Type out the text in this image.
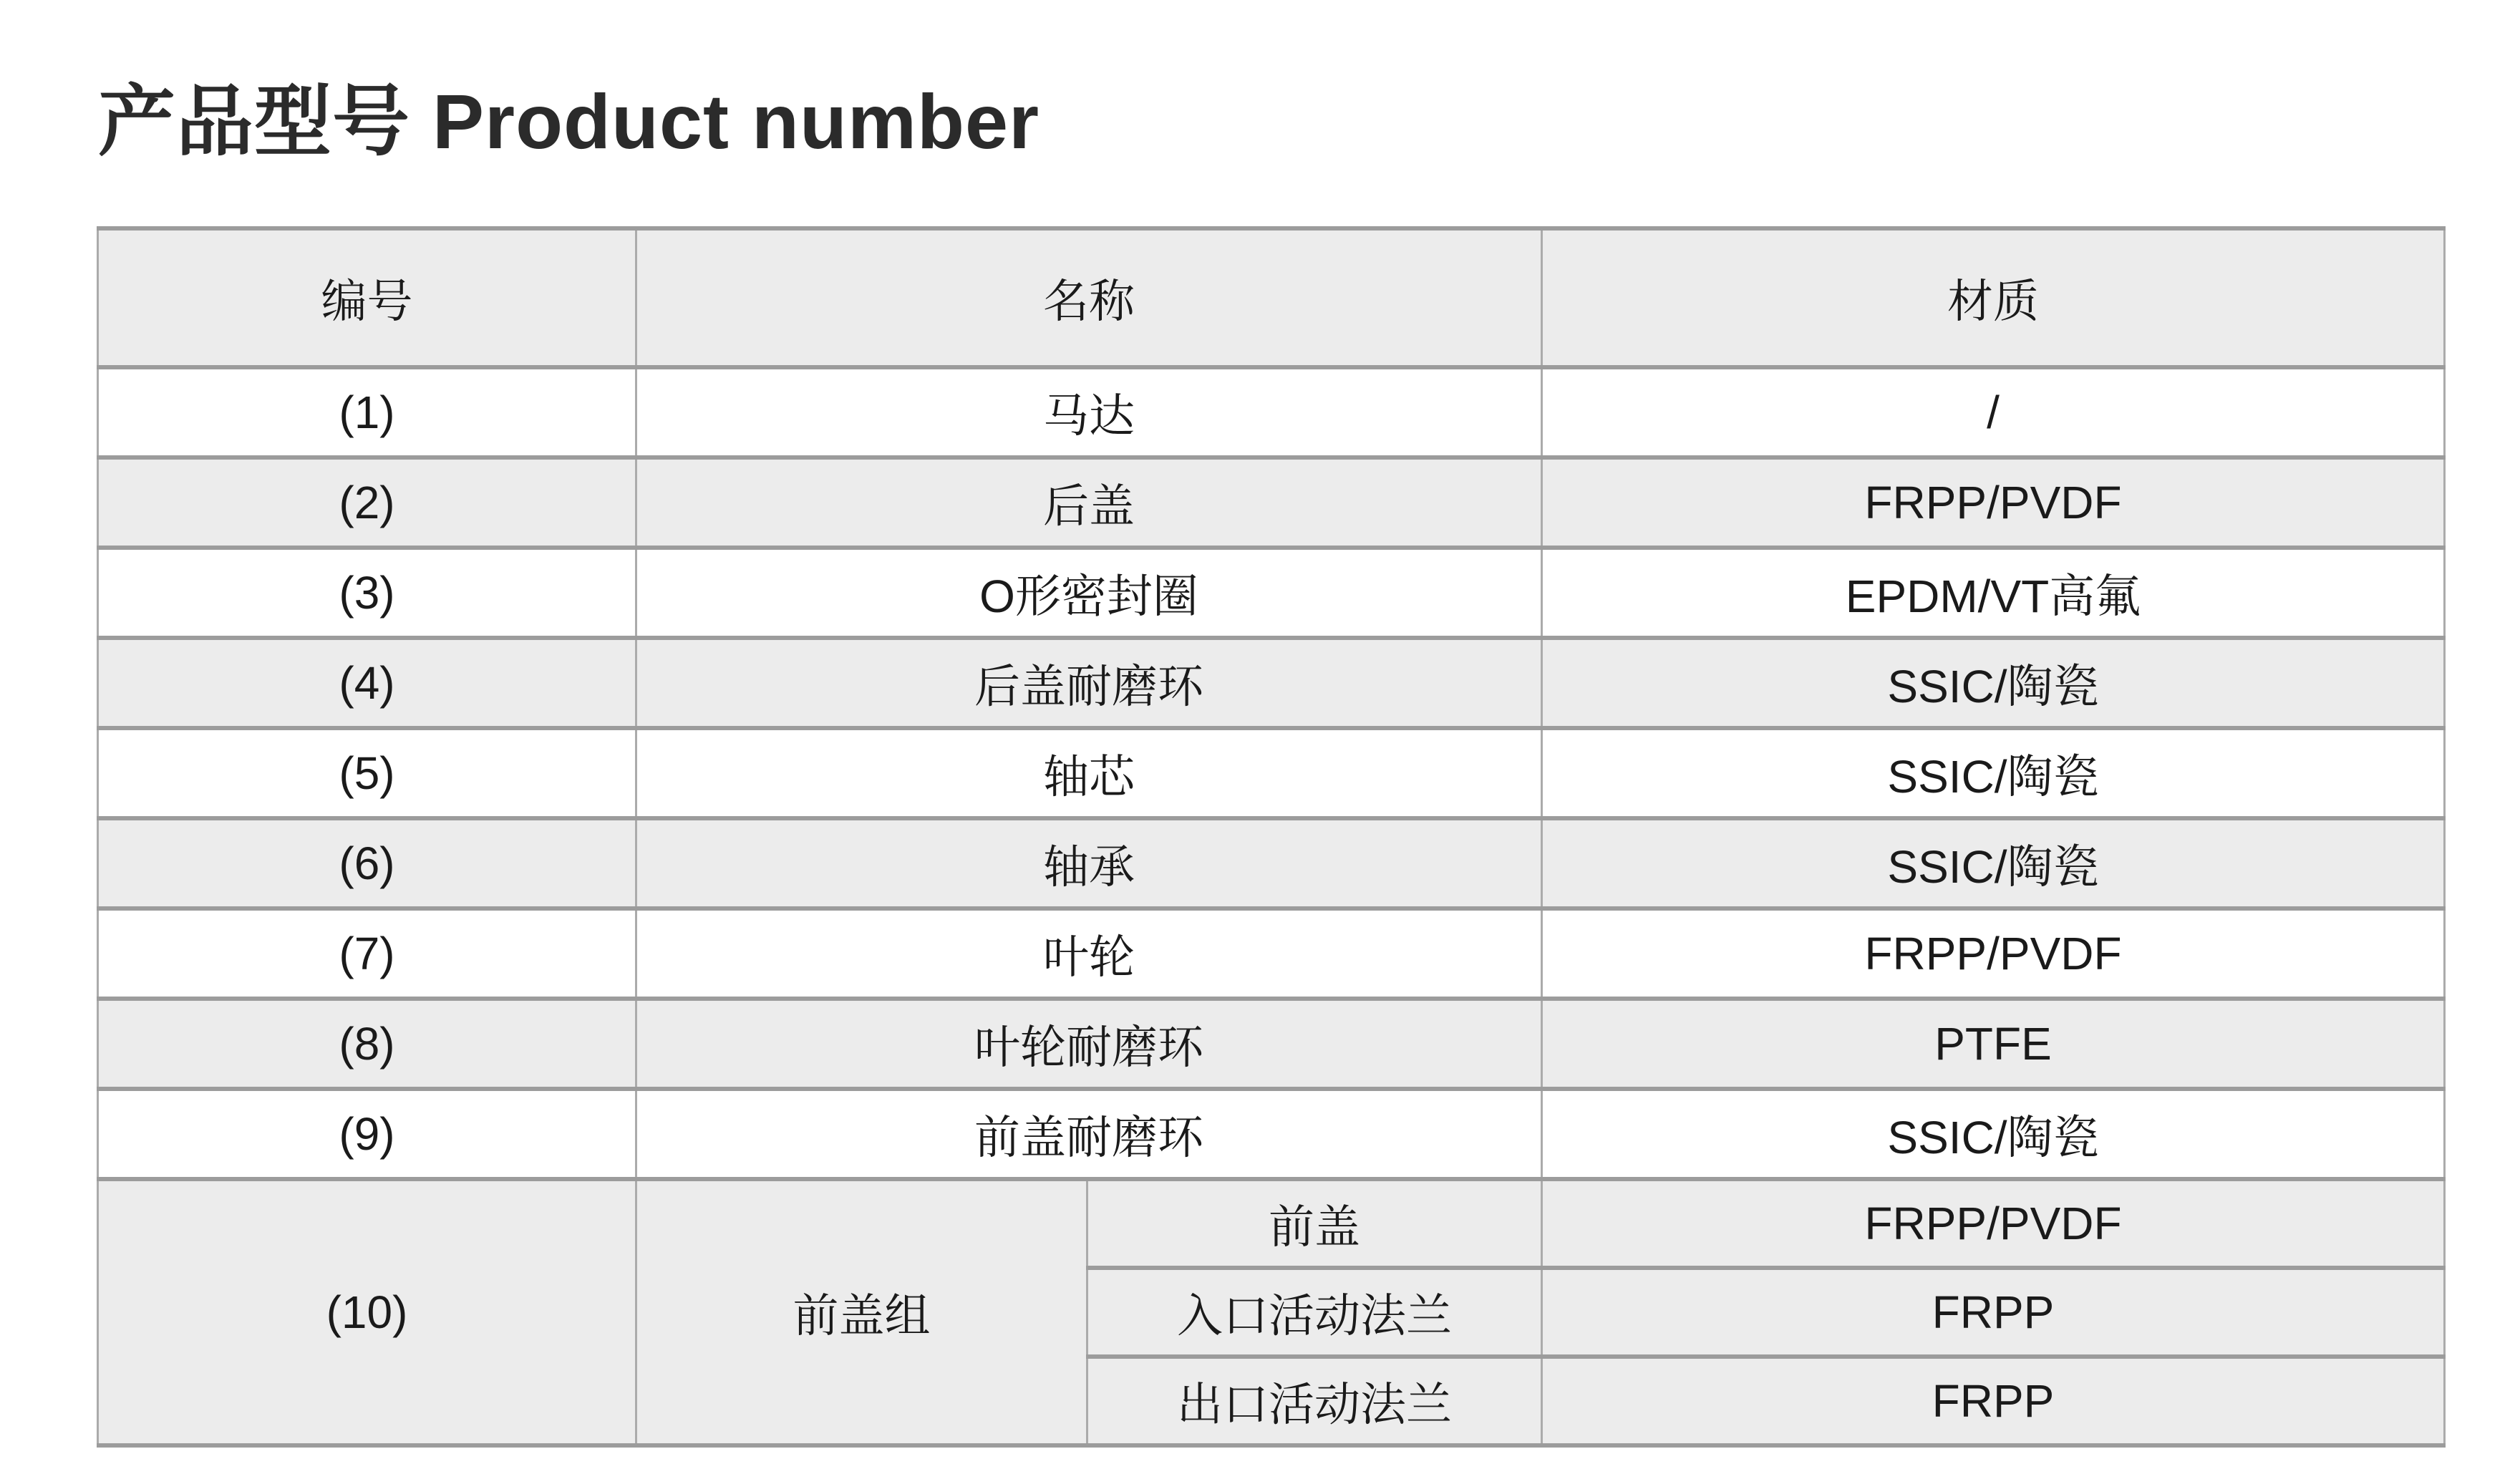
产品型号 Product number
编号	名称		材质
(1)	马达		/
(2)	后盖		FRPP/PVDF
(3)	O形密封圈		EPDM/VT高氟
(4)	后盖耐磨环		SSIC/陶瓷
(5)	轴芯		SSIC/陶瓷
(6)	轴承		SSIC/陶瓷
(7)	叶轮		FRPP/PVDF
(8)	叶轮耐磨环		PTFE
(9)	前盖耐磨环		SSIC/陶瓷
(10)	前盖组	前盖	FRPP/PVDF
		入口活动法兰	FRPP
		出口活动法兰	FRPP
